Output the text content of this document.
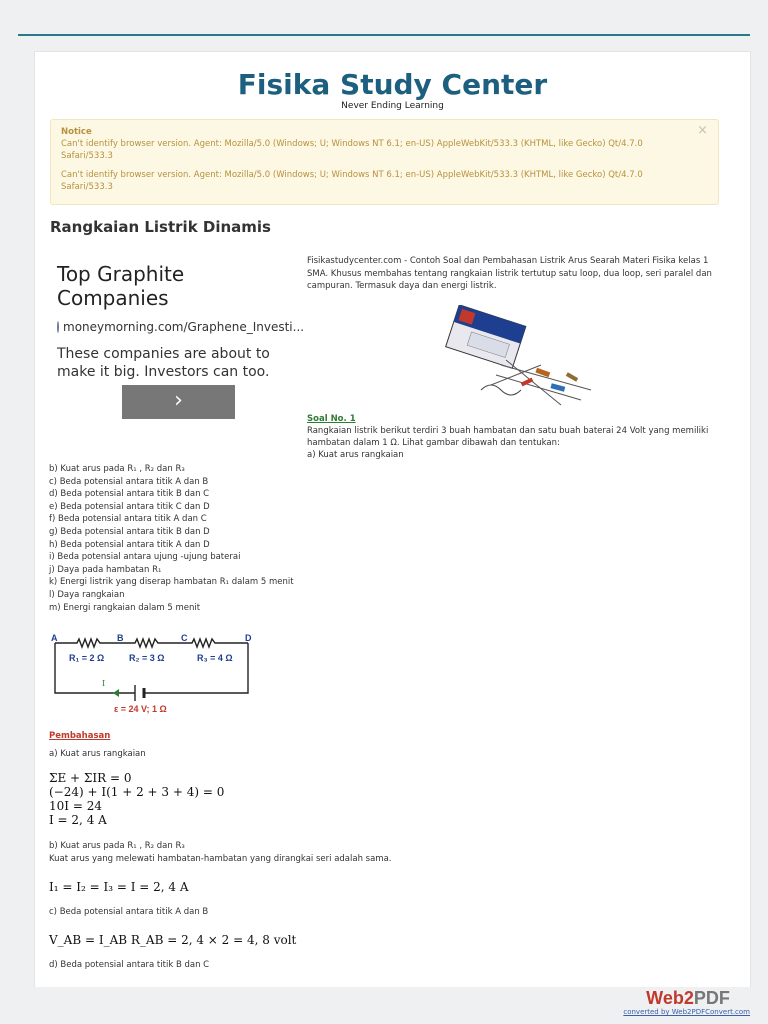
Fisika Study Center
Never Ending Learning
Notice

Can't identify browser version. Agent: Mozilla/5.0 (Windows; U; Windows NT 6.1; en-US) AppleWebKit/533.3 (KHTML, like Gecko) Qt/4.7.0 Safari/533.3

Can't identify browser version. Agent: Mozilla/5.0 (Windows; U; Windows NT 6.1; en-US) AppleWebKit/533.3 (KHTML, like Gecko) Qt/4.7.0 Safari/533.3

×
Rangkaian Listrik Dinamis
Top Graphite Companies
moneymorning.com/Graphene_Investi...
These companies are about to make it big. Investors can too.
›

Fisikastudycenter.com - Contoh Soal dan Pembahasan Listrik Arus Searah Materi Fisika kelas 1 SMA. Khusus membahas tentang rangkaian listrik tertutup satu loop, dua loop, seri paralel dan campuran. Termasuk daya dan energi listrik.

Soal No. 1
Rangkaian listrik berikut terdiri 3 buah hambatan dan satu buah baterai 24 Volt yang memiliki hambatan dalam 1 Ω. Lihat gambar dibawah dan tentukan:
a) Kuat arus rangkaian
b) Kuat arus pada R₁ , R₂ dan R₃
c) Beda potensial antara titik A dan B
d) Beda potensial antara titik B dan C
e) Beda potensial antara titik C dan D
f) Beda potensial antara titik A dan C
g) Beda potensial antara titik B dan D
h) Beda potensial antara titik A dan D
i) Beda potensial antara ujung -ujung baterai
j) Daya pada hambatan R₁
k) Energi listrik yang diserap hambatan R₁ dalam 5 menit
l) Daya rangkaian
m) Energi rangkaian dalam 5 menit
A	B	C	D
R₁ = 2 Ω	R₂ = 3 Ω	R₃ = 4 Ω
I
ε = 24 V; 1 Ω
Pembahasan
a) Kuat arus rangkaian
ΣE + ΣIR = 0
(−24) + I(1 + 2 + 3 + 4) = 0
10I = 24
I = 2, 4 A
b) Kuat arus pada R₁ , R₂ dan R₃
Kuat arus yang melewati hambatan-hambatan yang dirangkai seri adalah sama.
I₁ = I₂ = I₃ = I = 2, 4 A
c) Beda potensial antara titik A dan B
V_AB = I_AB R_AB = 2, 4 × 2 = 4, 8 volt
d) Beda potensial antara titik B dan C
Web2PDF
converted by Web2PDFConvert.com
